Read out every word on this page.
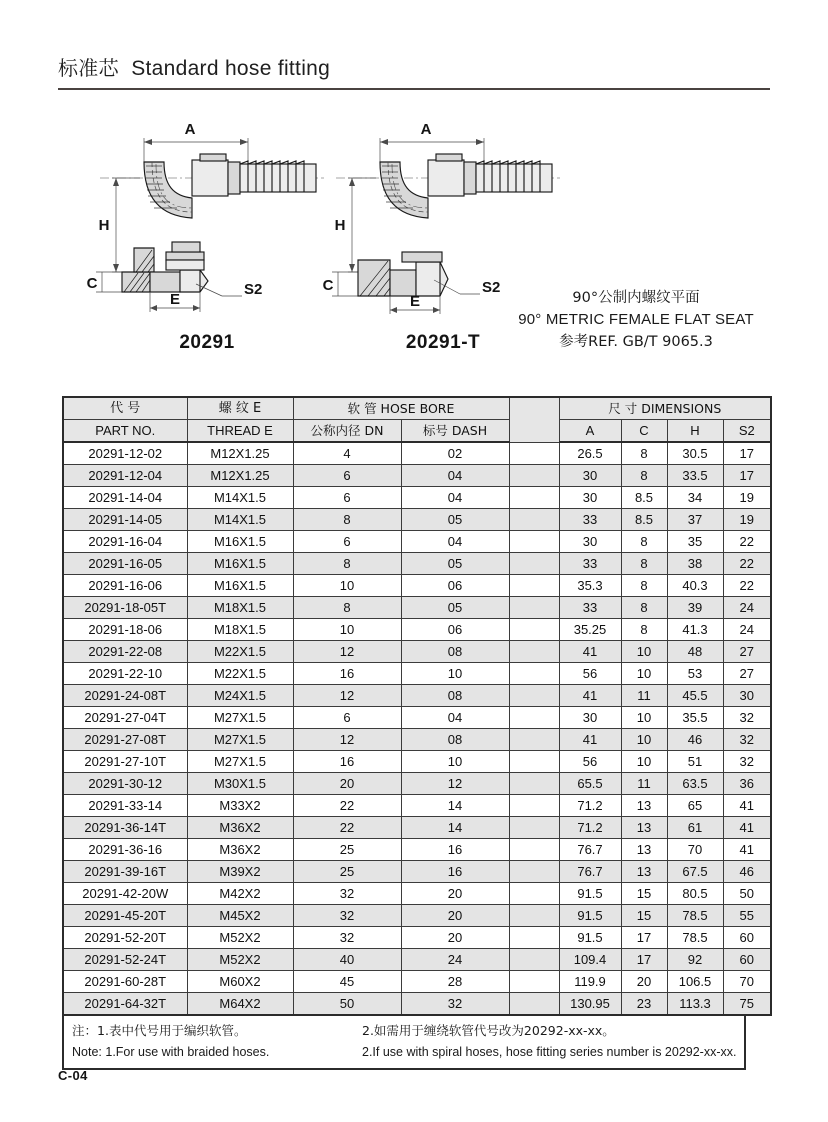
标准芯 Standard hose fitting
A
H
C
E
S2
A
H
C
E
S2
20291	20291-T
90°公制内螺纹平面
90° METRIC FEMALE FLAT SEAT
参考REF. GB/T 9065.3
代 号	螺 纹 E	软 管 HOSE BORE			尺 寸 DIMENSIONS			
PART NO.	THREAD E	公称内径 DN	标号 DASH		A	C	H	S2
20291-12-02	M12X1.25	4	02		26.5	8	30.5	17
20291-12-04	M12X1.25	6	04		30	8	33.5	17
20291-14-04	M14X1.5	6	04		30	8.5	34	19
20291-14-05	M14X1.5	8	05		33	8.5	37	19
20291-16-04	M16X1.5	6	04		30	8	35	22
20291-16-05	M16X1.5	8	05		33	8	38	22
20291-16-06	M16X1.5	10	06		35.3	8	40.3	22
20291-18-05T	M18X1.5	8	05		33	8	39	24
20291-18-06	M18X1.5	10	06		35.25	8	41.3	24
20291-22-08	M22X1.5	12	08		41	10	48	27
20291-22-10	M22X1.5	16	10		56	10	53	27
20291-24-08T	M24X1.5	12	08		41	11	45.5	30
20291-27-04T	M27X1.5	6	04		30	10	35.5	32
20291-27-08T	M27X1.5	12	08		41	10	46	32
20291-27-10T	M27X1.5	16	10		56	10	51	32
20291-30-12	M30X1.5	20	12		65.5	11	63.5	36
20291-33-14	M33X2	22	14		71.2	13	65	41
20291-36-14T	M36X2	22	14		71.2	13	61	41
20291-36-16	M36X2	25	16		76.7	13	70	41
20291-39-16T	M39X2	25	16		76.7	13	67.5	46
20291-42-20W	M42X2	32	20		91.5	15	80.5	50
20291-45-20T	M45X2	32	20		91.5	15	78.5	55
20291-52-20T	M52X2	32	20		91.5	17	78.5	60
20291-52-24T	M52X2	40	24		109.4	17	92	60
20291-60-28T	M60X2	45	28		119.9	20	106.5	70
20291-64-32T	M64X2	50	32		130.95	23	113.3	75
注：1.表中代号用于编织软管。	2.如需用于缠绕软管代号改为20292-xx-xx。
Note: 1.For use with braided hoses.	2.If use with spiral hoses, hose fitting series number is 20292-xx-xx.
C-04
